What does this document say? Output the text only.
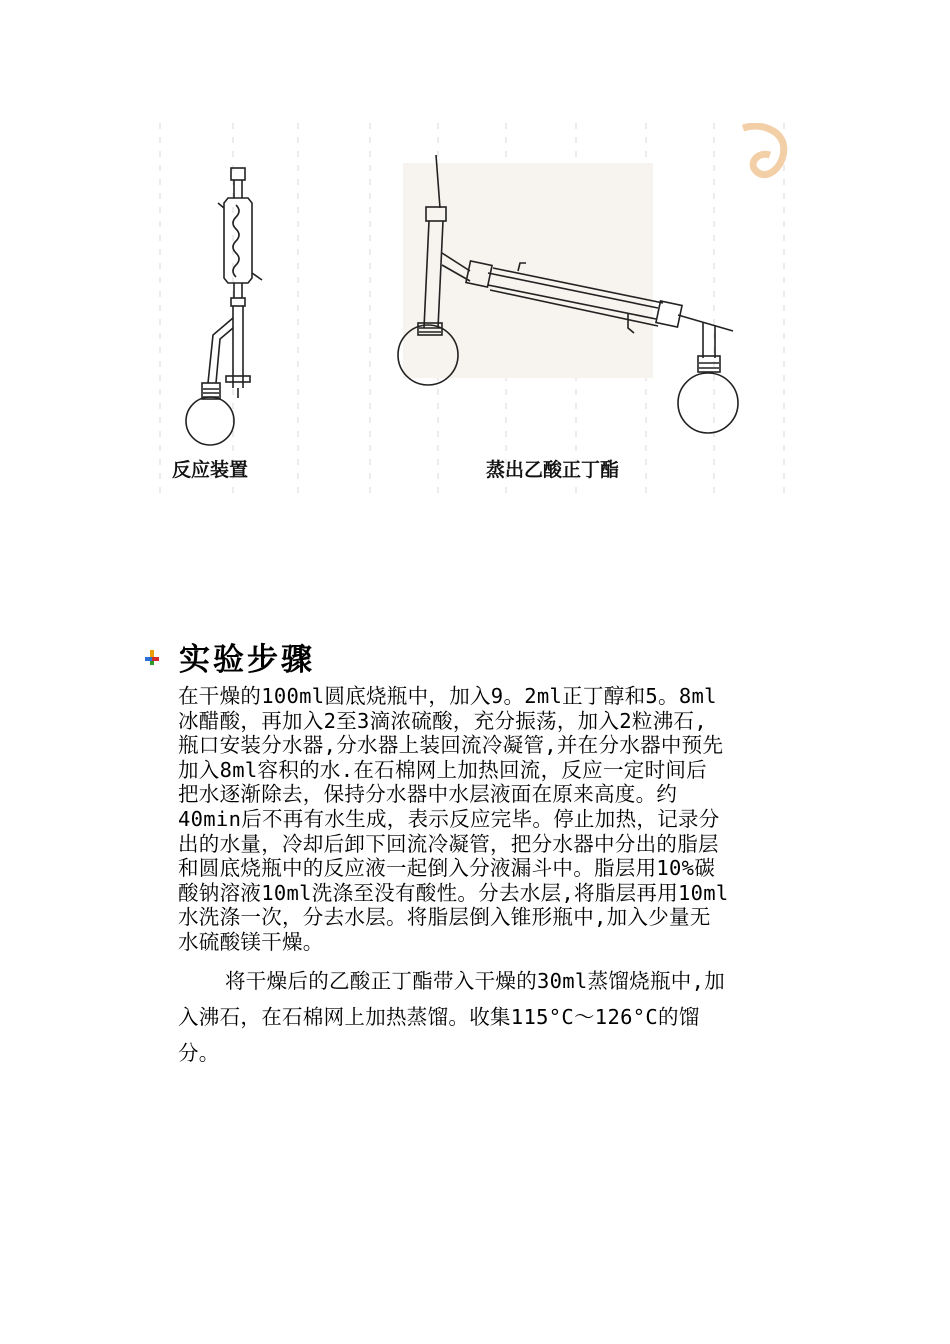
反应装置	蒸出乙酸正丁酯
实验步骤
在干燥的100ml圆底烧瓶中，加入9。2ml正丁醇和5。8ml
冰醋酸，再加入2至3滴浓硫酸，充分振荡，加入2粒沸石,
瓶口安装分水器,分水器上装回流冷凝管,并在分水器中预先
加入8ml容积的水.在石棉网上加热回流，反应一定时间后
把水逐渐除去，保持分水器中水层液面在原来高度。约
40min后不再有水生成，表示反应完毕。停止加热，记录分
出的水量，冷却后卸下回流冷凝管，把分水器中分出的脂层
和圆底烧瓶中的反应液一起倒入分液漏斗中。脂层用10%碳
酸钠溶液10ml洗涤至没有酸性。分去水层,将脂层再用10ml
水洗涤一次，分去水层。将脂层倒入锥形瓶中,加入少量无
水硫酸镁干燥。
将干燥后的乙酸正丁酯带入干燥的30ml蒸馏烧瓶中,加
入沸石，在石棉网上加热蒸馏。收集115°C～126°C的馏
分。
